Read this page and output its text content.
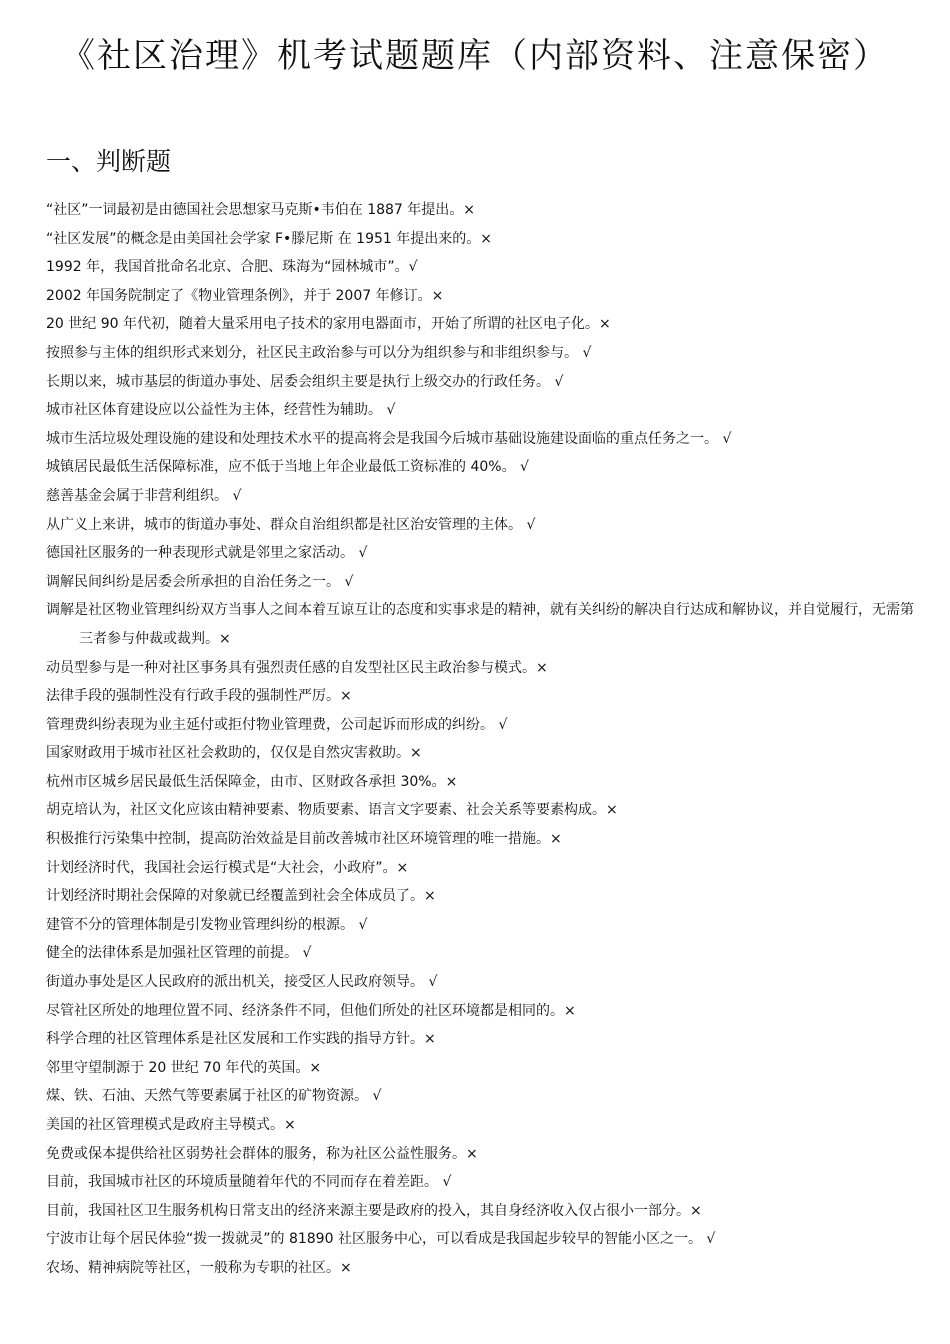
《社区治理》机考试题题库（内部资料、注意保密）
一、判断题
“社区”一词最初是由德国社会思想家马克斯•韦伯在 1887 年提出。×
“社区发展”的概念是由美国社会学家 F•滕尼斯 在 1951 年提出来的。×
1992 年，我国首批命名北京、合肥、珠海为“园林城市”。√
2002 年国务院制定了《物业管理条例》，并于 2007 年修订。×
20 世纪 90 年代初，随着大量采用电子技术的家用电器面市，开始了所谓的社区电子化。×
按照参与主体的组织形式来划分，社区民主政治参与可以分为组织参与和非组织参与。 √
长期以来，城市基层的街道办事处、居委会组织主要是执行上级交办的行政任务。 √
城市社区体育建设应以公益性为主体，经营性为辅助。 √
城市生活垃圾处理设施的建设和处理技术水平的提高将会是我国今后城市基础设施建设面临的重点任务之一。 √
城镇居民最低生活保障标准，应不低于当地上年企业最低工资标准的 40%。 √
慈善基金会属于非营利组织。 √
从广义上来讲，城市的街道办事处、群众自治组织都是社区治安管理的主体。 √
德国社区服务的一种表现形式就是邻里之家活动。 √
调解民间纠纷是居委会所承担的自治任务之一。 √
调解是社区物业管理纠纷双方当事人之间本着互谅互让的态度和实事求是的精神，就有关纠纷的解决自行达成和解协议，并自觉履行，无需第三者参与仲裁或裁判。×
动员型参与是一种对社区事务具有强烈责任感的自发型社区民主政治参与模式。×
法律手段的强制性没有行政手段的强制性严厉。×
管理费纠纷表现为业主延付或拒付物业管理费，公司起诉而形成的纠纷。 √
国家财政用于城市社区社会救助的，仅仅是自然灾害救助。×
杭州市区城乡居民最低生活保障金，由市、区财政各承担 30%。×
胡克培认为，社区文化应该由精神要素、物质要素、语言文字要素、社会关系等要素构成。×
积极推行污染集中控制，提高防治效益是目前改善城市社区环境管理的唯一措施。×
计划经济时代，我国社会运行模式是“大社会，小政府”。×
计划经济时期社会保障的对象就已经覆盖到社会全体成员了。×
建管不分的管理体制是引发物业管理纠纷的根源。 √
健全的法律体系是加强社区管理的前提。 √
街道办事处是区人民政府的派出机关，接受区人民政府领导。 √
尽管社区所处的地理位置不同、经济条件不同，但他们所处的社区环境都是相同的。×
科学合理的社区管理体系是社区发展和工作实践的指导方针。×
邻里守望制源于 20 世纪 70 年代的英国。×
煤、铁、石油、天然气等要素属于社区的矿物资源。 √
美国的社区管理模式是政府主导模式。×
免费或保本提供给社区弱势社会群体的服务，称为社区公益性服务。×
目前，我国城市社区的环境质量随着年代的不同而存在着差距。 √
目前，我国社区卫生服务机构日常支出的经济来源主要是政府的投入，其自身经济收入仅占很小一部分。×
宁波市让每个居民体验“拨一拨就灵”的 81890 社区服务中心，可以看成是我国起步较早的智能小区之一。 √
农场、精神病院等社区，一般称为专职的社区。×
